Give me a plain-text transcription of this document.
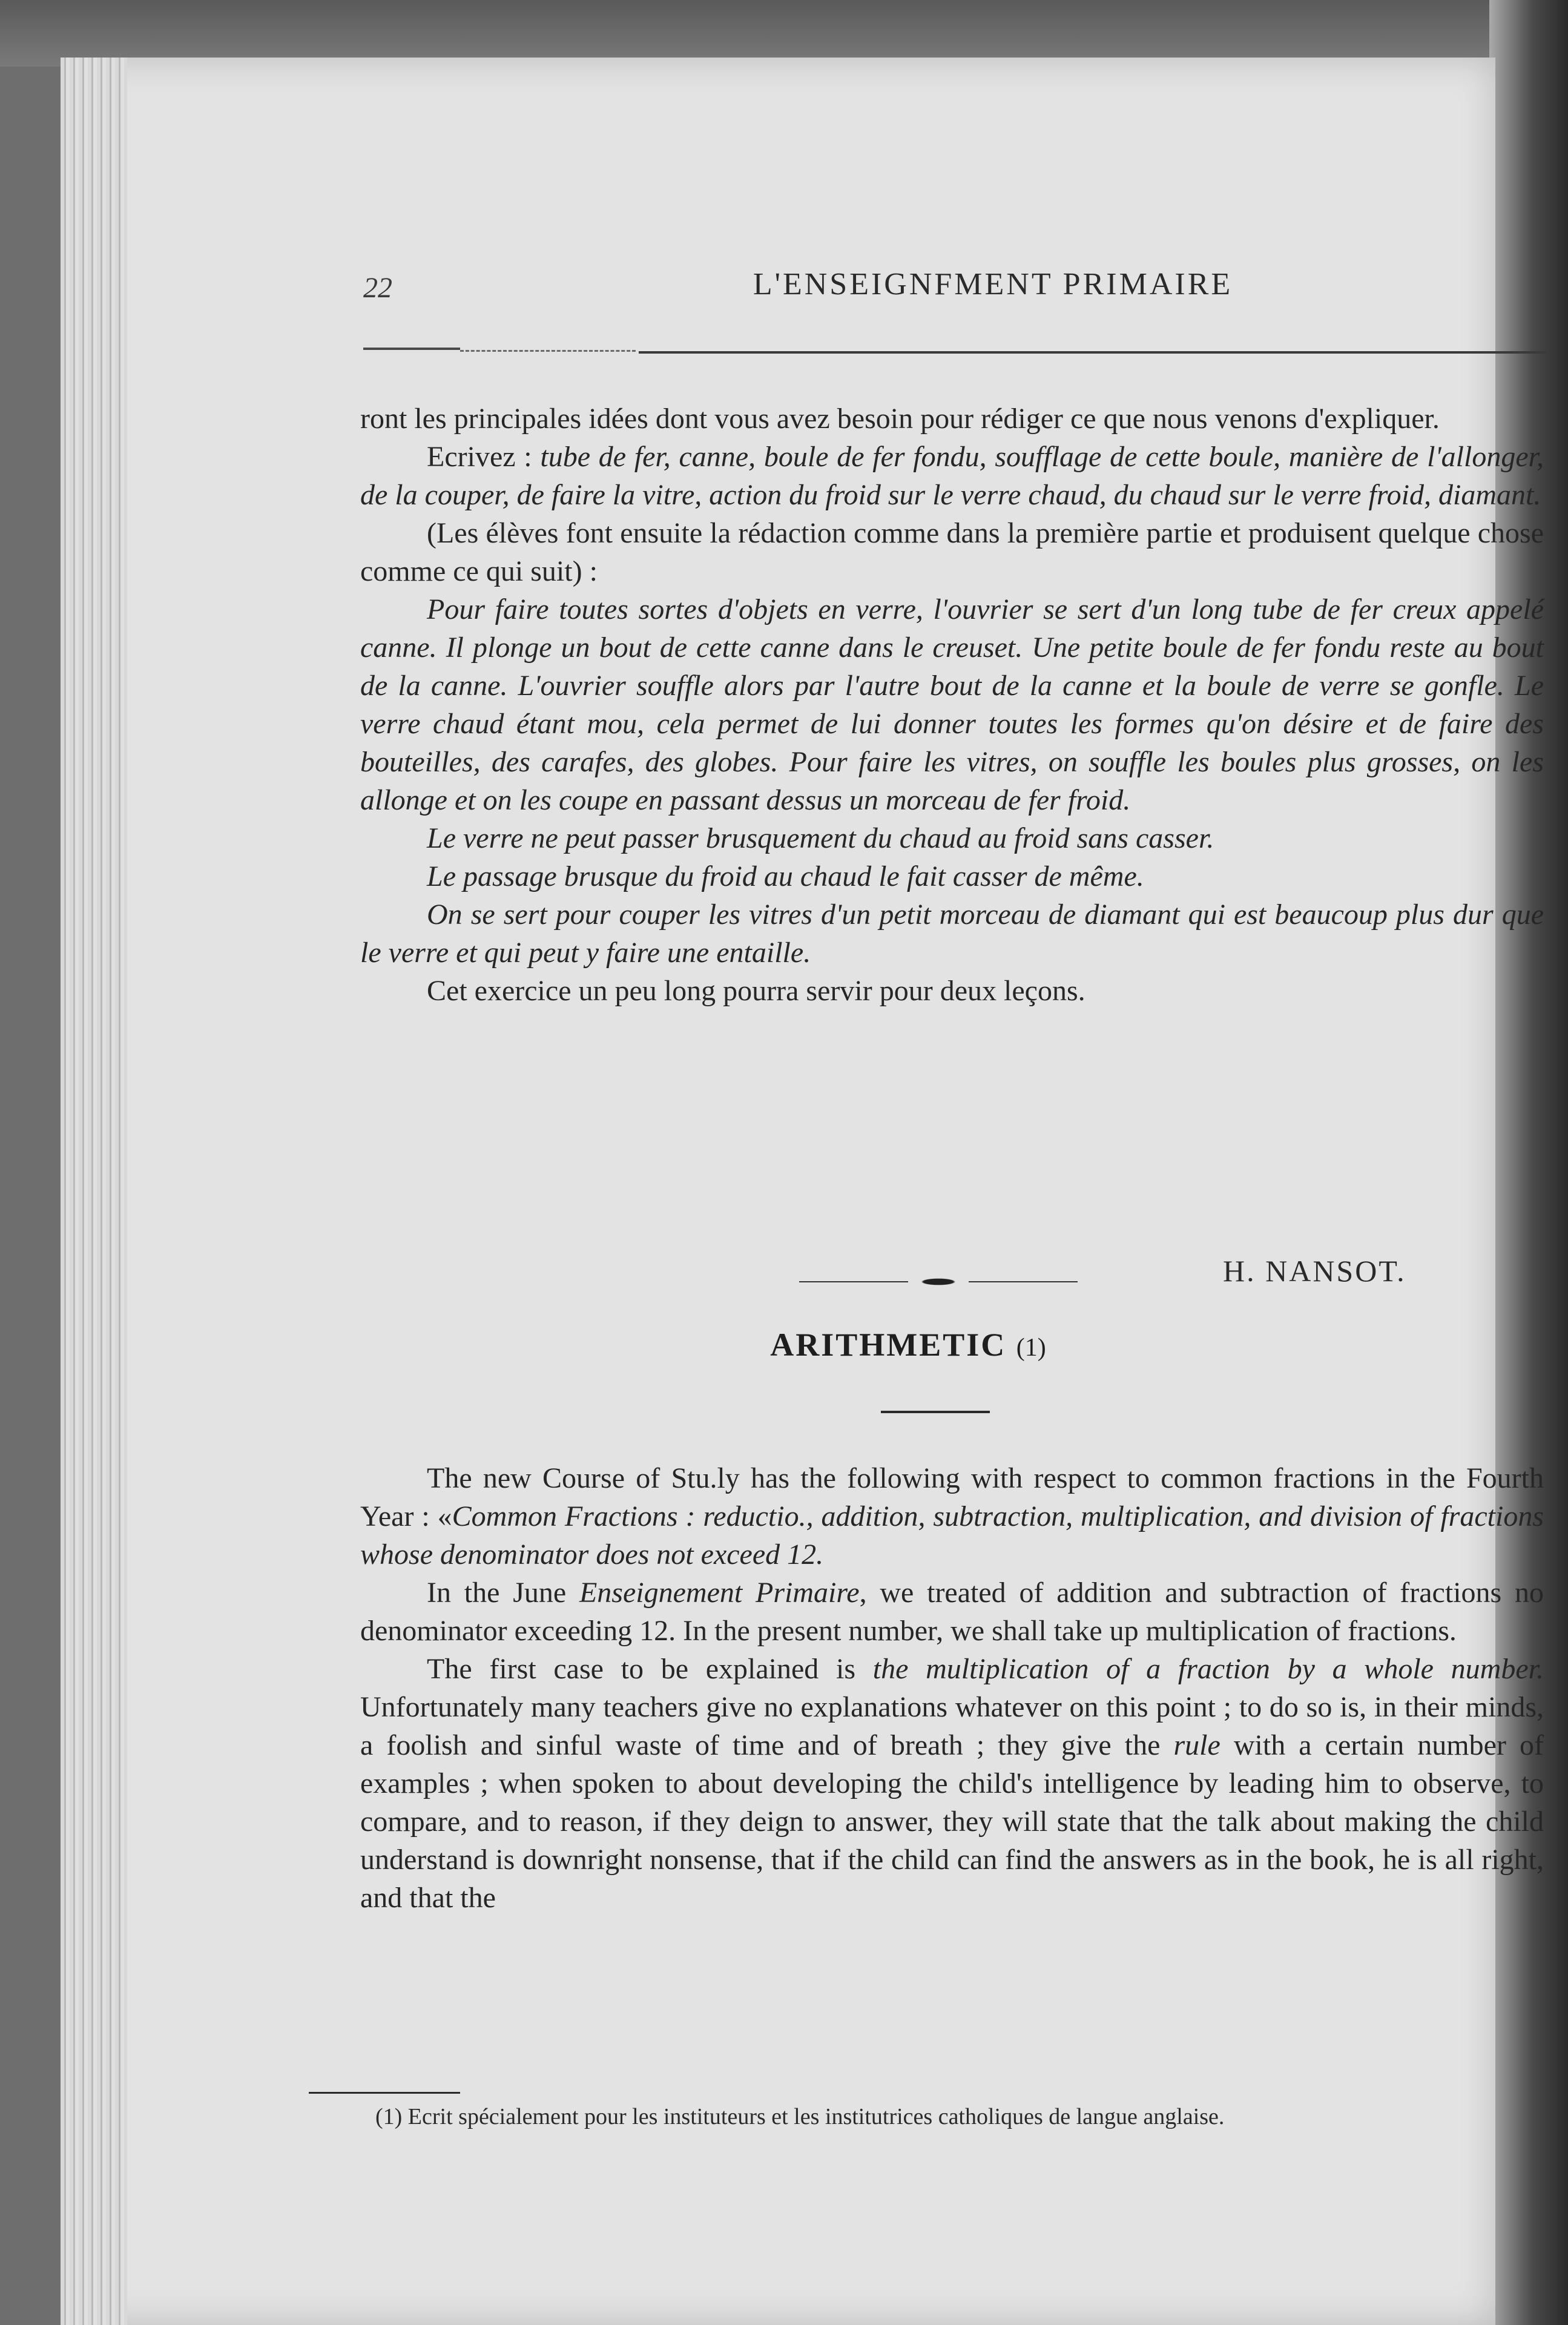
22	L'ENSEIGNFMENT PRIMAIRE

ront les principales idées dont vous avez besoin pour rédiger ce que nous venons d'expliquer.

Ecrivez : tube de fer, canne, boule de fer fondu, soufflage de cette boule, manière de l'allonger, de la couper, de faire la vitre, action du froid sur le verre chaud, du chaud sur le verre froid, diamant.

(Les élèves font ensuite la rédaction comme dans la première partie et produisent quelque chose comme ce qui suit) :

Pour faire toutes sortes d'objets en verre, l'ouvrier se sert d'un long tube de fer creux appelé canne. Il plonge un bout de cette canne dans le creuset. Une petite boule de fer fondu reste au bout de la canne. L'ouvrier souffle alors par l'autre bout de la canne et la boule de verre se gonfle. Le verre chaud étant mou, cela permet de lui donner toutes les formes qu'on désire et de faire des bouteilles, des carafes, des globes. Pour faire les vitres, on souffle les boules plus grosses, on les allonge et on les coupe en passant dessus un morceau de fer froid.

Le verre ne peut passer brusquement du chaud au froid sans casser.

Le passage brusque du froid au chaud le fait casser de même.

On se sert pour couper les vitres d'un petit morceau de diamant qui est beaucoup plus dur que le verre et qui peut y faire une entaille.

Cet exercice un peu long pourra servir pour deux leçons.

H. NANSOT.
ARITHMETIC (1)

The new Course of Stu.ly has the following with respect to common fractions in the Fourth Year : «Common Fractions : reductio., addition, subtraction, multiplication, and division of fractions whose denominator does not exceed 12.

In the June Enseignement Primaire, we treated of addition and subtraction of fractions no denominator exceeding 12. In the present number, we shall take up multiplication of fractions.

The first case to be explained is the multiplication of a fraction by a whole number. Unfortunately many teachers give no explanations whatever on this point ; to do so is, in their minds, a foolish and sinful waste of time and of breath ; they give the rule with a certain number of examples ; when spoken to about developing the child's intelligence by leading him to observe, to compare, and to reason, if they deign to answer, they will state that the talk about making the child understand is downright nonsense, that if the child can find the answers as in the book, he is all right, and that the

(1) Ecrit spécialement pour les instituteurs et les institutrices catholiques de langue anglaise.
